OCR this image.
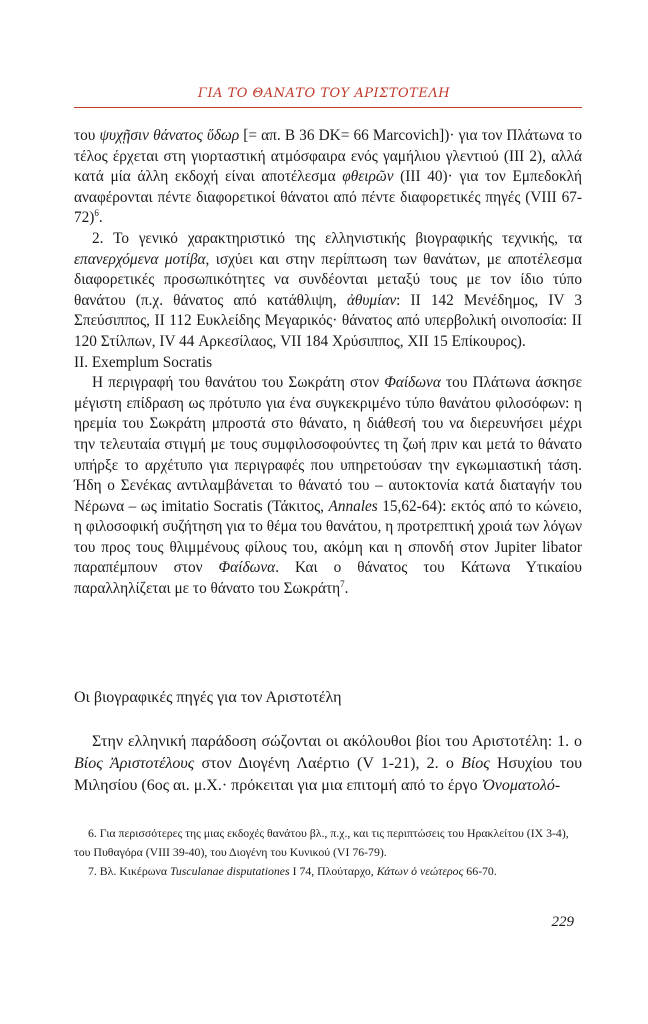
ΓΙΑ ΤΟ ΘΑΝΑΤΟ ΤΟΥ ΑΡΙΣΤΟΤΕΛΗ

του ψυχῇσιν θάνατος ὕδωρ [= απ. Β 36 DK= 66 Marcovich])· για τον Πλάτωνα το τέλος έρχεται στη γιορταστική ατμόσφαιρα ενός γαμήλιου γλεντιού (ΙΙΙ 2), αλλά κατά μία άλλη εκδοχή είναι αποτέλεσμα φθειρῶν (ΙΙΙ 40)· για τον Εμπεδοκλή αναφέρονται πέντε διαφορετικοί θάνατοι από πέντε διαφορετικές πηγές (VIII 67-72)$^6$.

2. Το γενικό χαρακτηριστικό της ελληνιστικής βιογραφικής τεχνικής, τα επανερχόμενα μοτίβα, ισχύει και στην περίπτωση των θανάτων, με αποτέλεσμα διαφορετικές προσωπικότητες να συνδέονται μεταξύ τους με τον ίδιο τύπο θανάτου (π.χ. θάνατος από κατάθλιψη, ἀθυμίαν: II 142 Μενέδημος, IV 3 Σπεύσιππος, II 112 Ευκλείδης Μεγαρικός· θάνατος από υπερβολική οινοποσία: II 120 Στίλπων, IV 44 Αρκεσίλαος, VII 184 Χρύσιππος, XII 15 Επίκουρος).

II. Exemplum Socratis

Η περιγραφή του θανάτου του Σωκράτη στον Φαίδωνα του Πλάτωνα άσκησε μέγιστη επίδραση ως πρότυπο για ένα συγκεκριμένο τύπο θανάτου φιλοσόφων: η ηρεμία του Σωκράτη μπροστά στο θάνατο, η διάθεσή του να διερευνήσει μέχρι την τελευταία στιγμή με τους συμφιλοσοφούντες τη ζωή πριν και μετά το θάνατο υπήρξε το αρχέτυπο για περιγραφές που υπηρετούσαν την εγκωμιαστική τάση. Ήδη ο Σενέκας αντιλαμβάνεται το θάνατό του – αυτοκτονία κατά διαταγήν του Νέρωνα – ως imitatio Socratis (Τάκιτος, Annales 15,62-64): εκτός από το κώνειο, η φιλοσοφική συζήτηση για το θέμα του θανάτου, η προτρεπτική χροιά των λόγων του προς τους θλιμμένους φίλους του, ακόμη και η σπονδή στον Jupiter libator παραπέμπουν στον Φαίδωνα. Και ο θάνατος του Κάτωνα Υτικαίου παραλληλίζεται με το θάνατο του Σωκράτη$^7$.

Οι βιογραφικές πηγές για τον Αριστοτέλη
Στην ελληνική παράδοση σώζονται οι ακόλουθοι βίοι του Αριστοτέλη: 1. ο Βίος Ἀριστοτέλους στον Διογένη Λαέρτιο (V 1-21), 2. ο Βίος Ησυχίου του Μιλησίου (6ος αι. μ.Χ.· πρόκειται για μια επιτομή από το έργο Ὀνοματολό-

6. Για περισσότερες της μιας εκδοχές θανάτου βλ., π.χ., και τις περιπτώσεις του Ηρακλείτου (IX 3-4), του Πυθαγόρα (VIII 39-40), του Διογένη του Κυνικού (VI 76-79).

7. Βλ. Κικέρωνα Tusculanae disputationes I 74, Πλούταρχο, Κάτων ὁ νεώτερος 66-70.

229
